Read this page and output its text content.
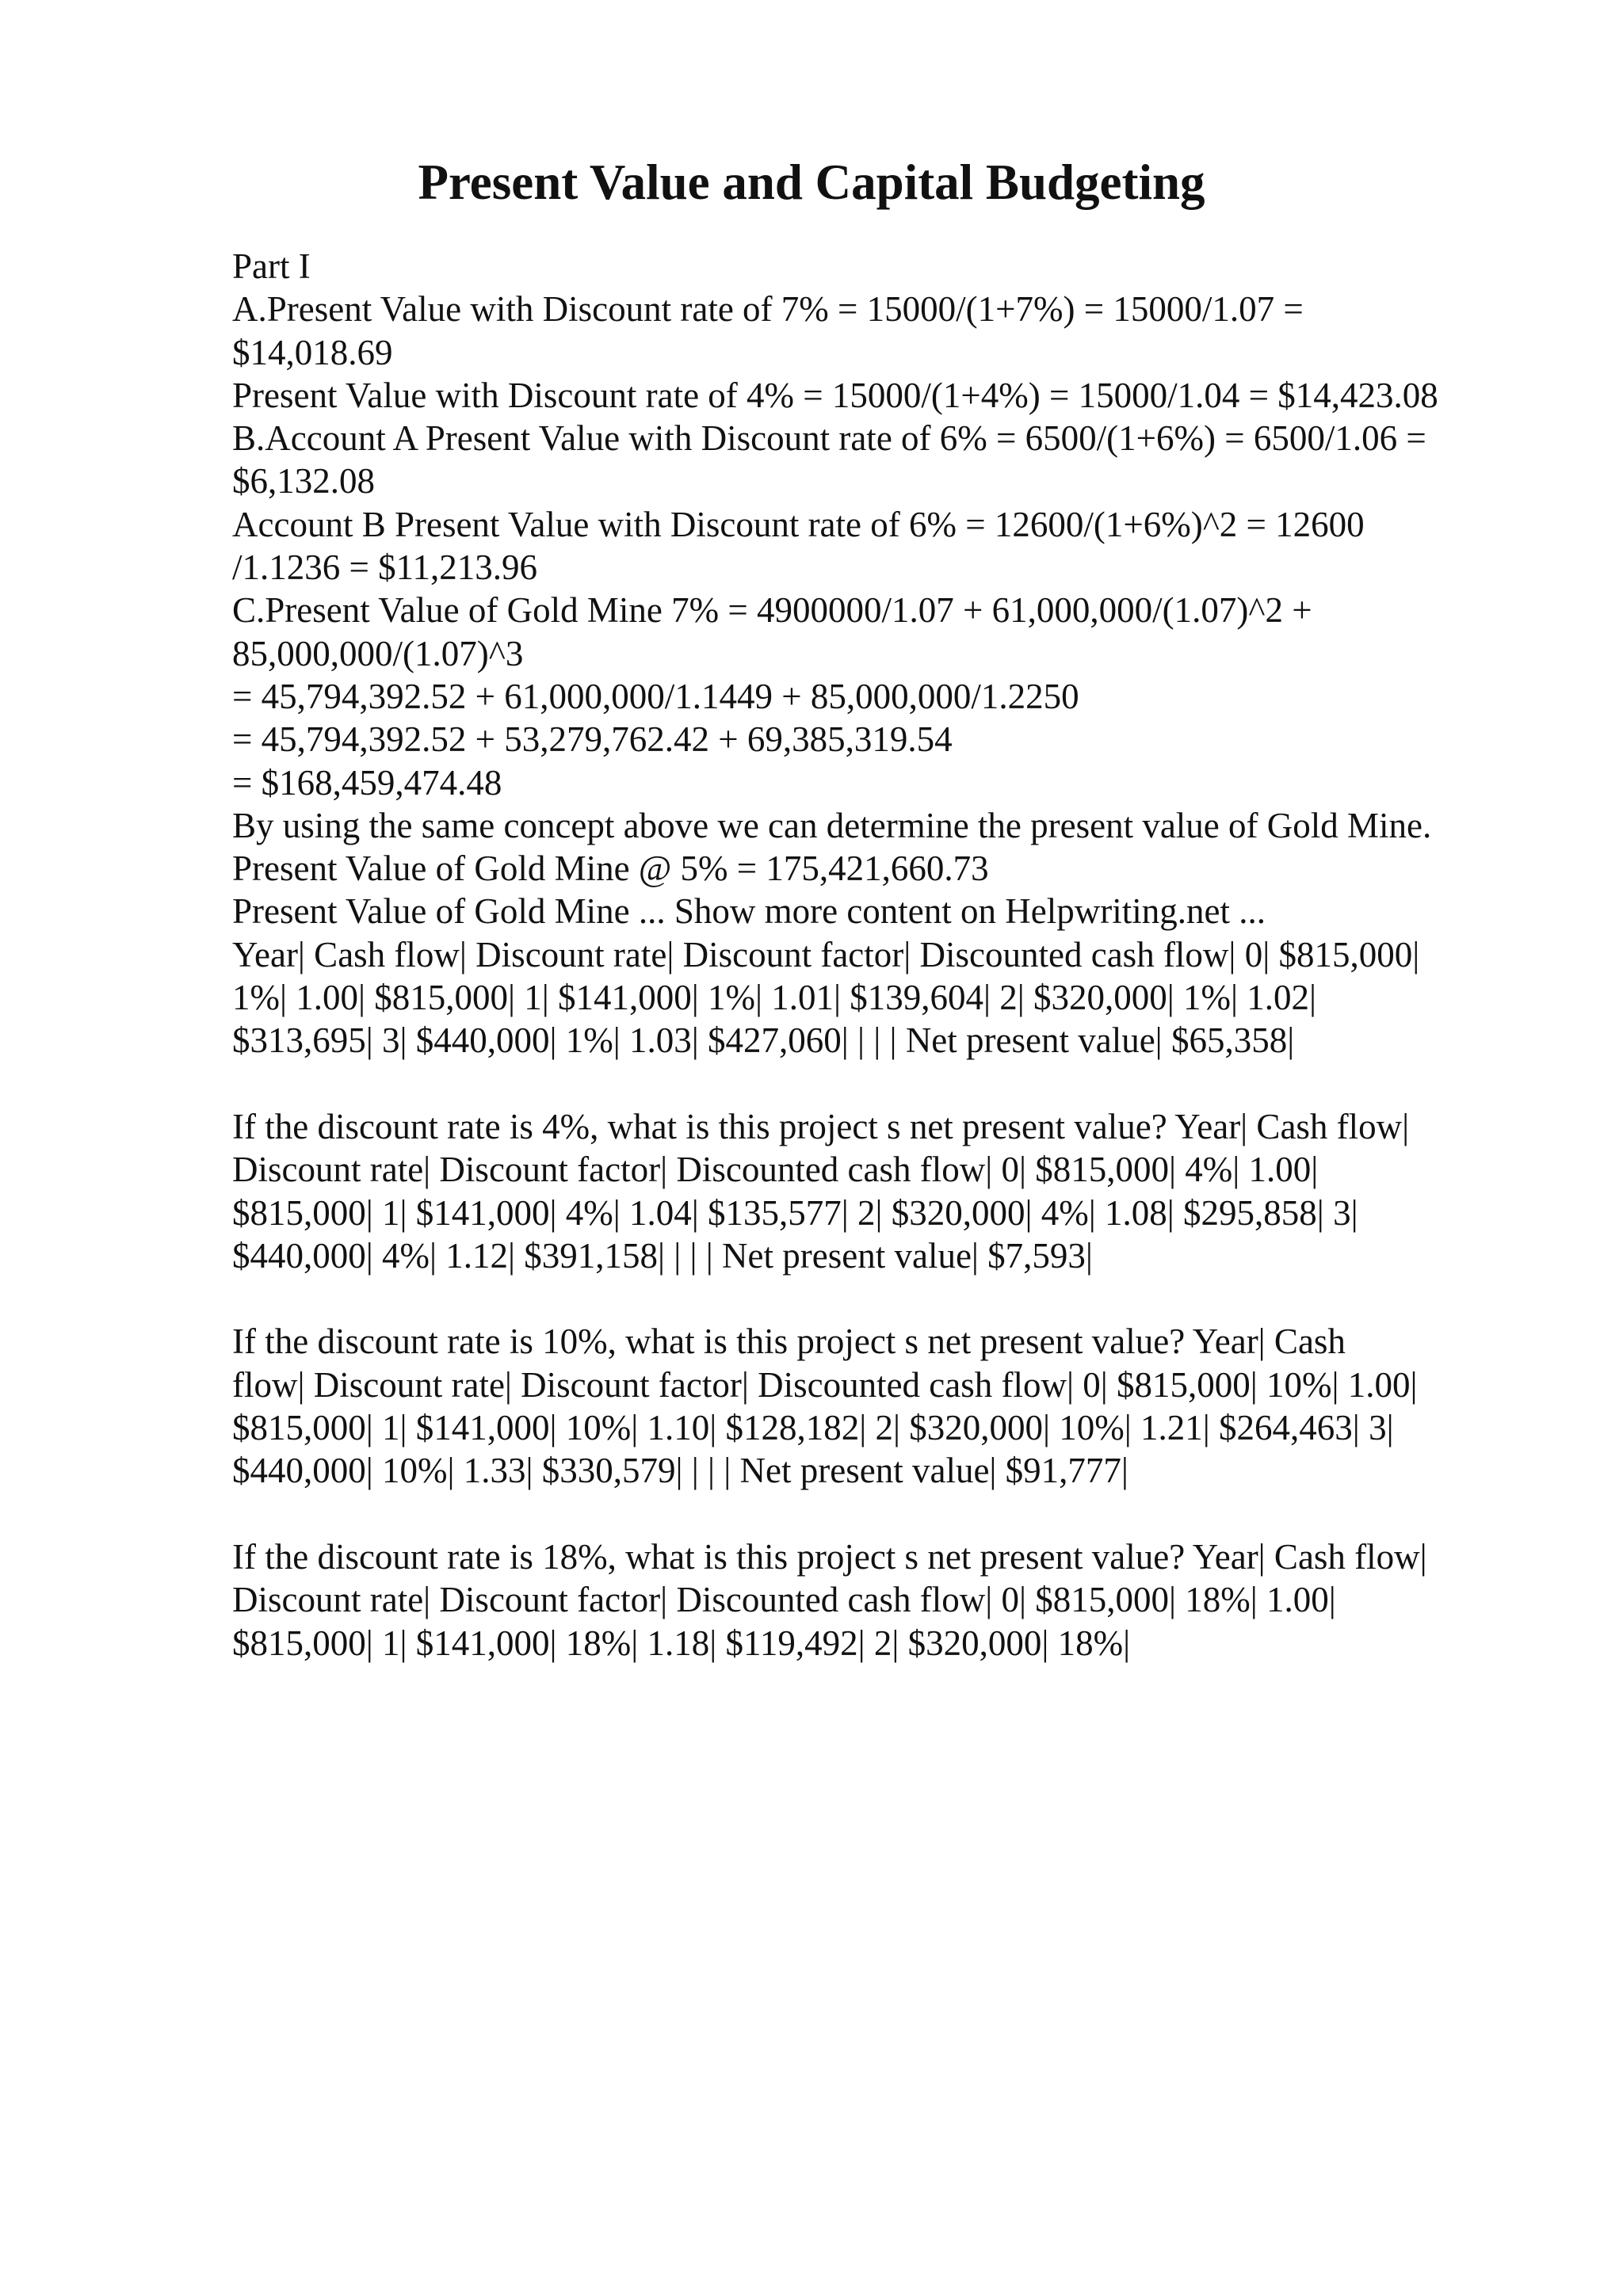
Present Value and Capital Budgeting
Part I
A.Present Value with Discount rate of 7% = 15000/(1+7%) = 15000/1.07 =
$14,018.69
Present Value with Discount rate of 4% = 15000/(1+4%) = 15000/1.04 = $14,423.08
B.Account A Present Value with Discount rate of 6% = 6500/(1+6%) = 6500/1.06 =
$6,132.08
Account B Present Value with Discount rate of 6% = 12600/(1+6%)^2 = 12600
/1.1236 = $11,213.96
C.Present Value of Gold Mine 7% = 4900000/1.07 + 61,000,000/(1.07)^2 +
85,000,000/(1.07)^3
= 45,794,392.52 + 61,000,000/1.1449 + 85,000,000/1.2250
= 45,794,392.52 + 53,279,762.42 + 69,385,319.54
= $168,459,474.48
By using the same concept above we can determine the present value of Gold Mine.
Present Value of Gold Mine @ 5% = 175,421,660.73
Present Value of Gold Mine ... Show more content on Helpwriting.net ...
Year| Cash flow| Discount rate| Discount factor| Discounted cash flow| 0| $815,000|
1%| 1.00| $815,000| 1| $141,000| 1%| 1.01| $139,604| 2| $320,000| 1%| 1.02|
$313,695| 3| $440,000| 1%| 1.03| $427,060| | | | Net present value| $65,358|
If the discount rate is 4%, what is this project s net present value? Year| Cash flow|
Discount rate| Discount factor| Discounted cash flow| 0| $815,000| 4%| 1.00|
$815,000| 1| $141,000| 4%| 1.04| $135,577| 2| $320,000| 4%| 1.08| $295,858| 3|
$440,000| 4%| 1.12| $391,158| | | | Net present value| $7,593|
If the discount rate is 10%, what is this project s net present value? Year| Cash
flow| Discount rate| Discount factor| Discounted cash flow| 0| $815,000| 10%| 1.00|
$815,000| 1| $141,000| 10%| 1.10| $128,182| 2| $320,000| 10%| 1.21| $264,463| 3|
$440,000| 10%| 1.33| $330,579| | | | Net present value| $91,777|
If the discount rate is 18%, what is this project s net present value? Year| Cash flow|
Discount rate| Discount factor| Discounted cash flow| 0| $815,000| 18%| 1.00|
$815,000| 1| $141,000| 18%| 1.18| $119,492| 2| $320,000| 18%|
